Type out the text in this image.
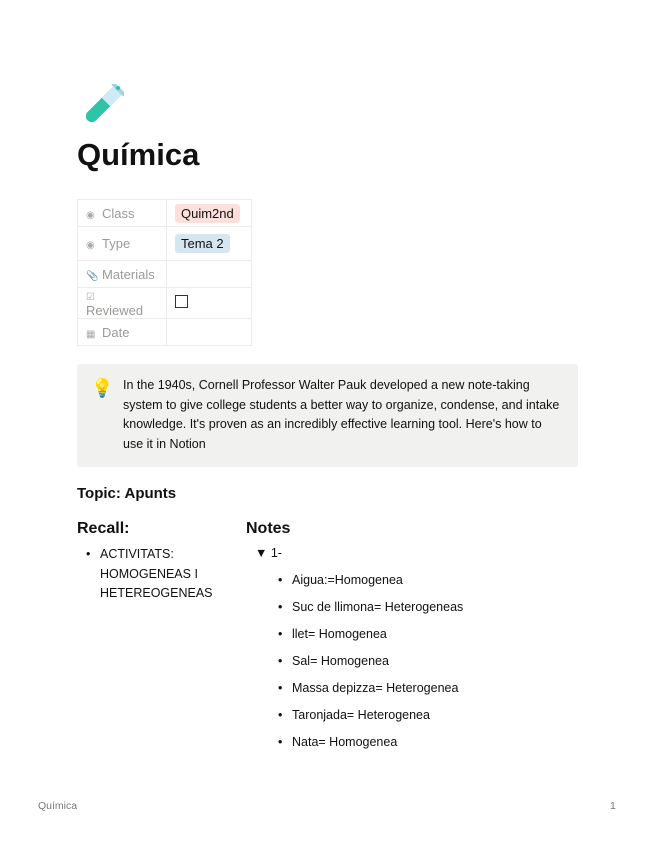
Química
◉ Class	Quim2nd
◉ Type	Tema 2
📎 Materials	
☑Reviewed	
▦ Date	
💡 In the 1940s, Cornell Professor Walter Pauk developed a new note-taking system to give college students a better way to organize, condense, and intake knowledge. It's proven as an incredibly effective learning tool. Here's how to use it in Notion

Topic: Apunts
Recall:	Notes
• ACTIVITATS: HOMOGENEAS I HETEREOGENEAS
▼ 1-
• Aigua:=Homogenea
• Suc de llimona= Heterogeneas
• llet= Homogenea
• Sal= Homogenea
• Massa depizza= Heterogenea
• Taronjada= Heterogenea
• Nata= Homogenea
Química	1
